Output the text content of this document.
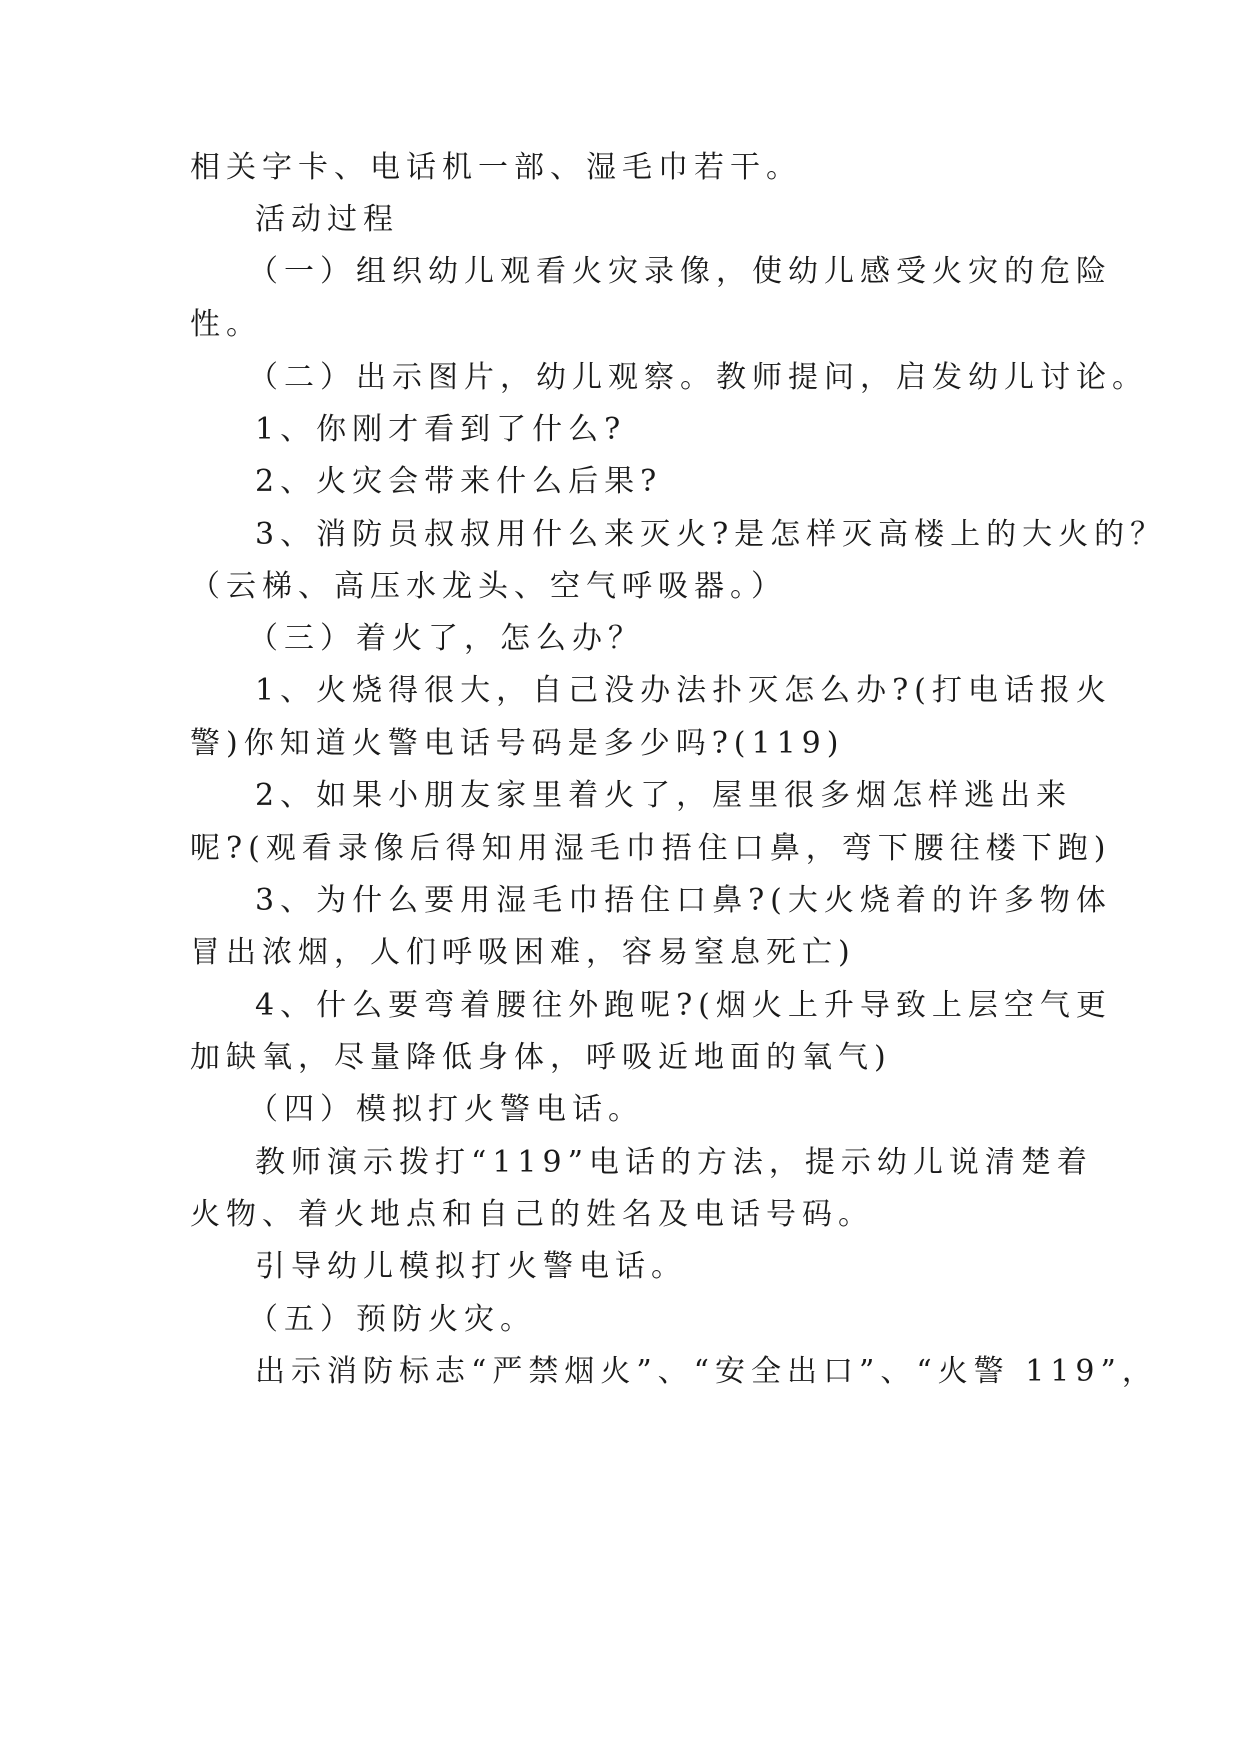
相关字卡、电话机一部、湿毛巾若干。
活动过程
（一）组织幼儿观看火灾录像，使幼儿感受火灾的危险
性。
（二）出示图片，幼儿观察。教师提问，启发幼儿讨论。
1、你刚才看到了什么?
2、火灾会带来什么后果?
3、消防员叔叔用什么来灭火?是怎样灭高楼上的大火的？
（云梯、高压水龙头、空气呼吸器。）
（三）着火了，怎么办？
1、火烧得很大，自己没办法扑灭怎么办?(打电话报火
警)你知道火警电话号码是多少吗?(119)
2、如果小朋友家里着火了，屋里很多烟怎样逃出来
呢?(观看录像后得知用湿毛巾捂住口鼻，弯下腰往楼下跑)
3、为什么要用湿毛巾捂住口鼻?(大火烧着的许多物体
冒出浓烟，人们呼吸困难，容易窒息死亡)
4、什么要弯着腰往外跑呢?(烟火上升导致上层空气更
加缺氧，尽量降低身体，呼吸近地面的氧气)
（四）模拟打火警电话。
教师演示拨打“119”电话的方法，提示幼儿说清楚着
火物、着火地点和自己的姓名及电话号码。
引导幼儿模拟打火警电话。
（五）预防火灾。
出示消防标志“严禁烟火”、“安全出口”、“火警 119”，
